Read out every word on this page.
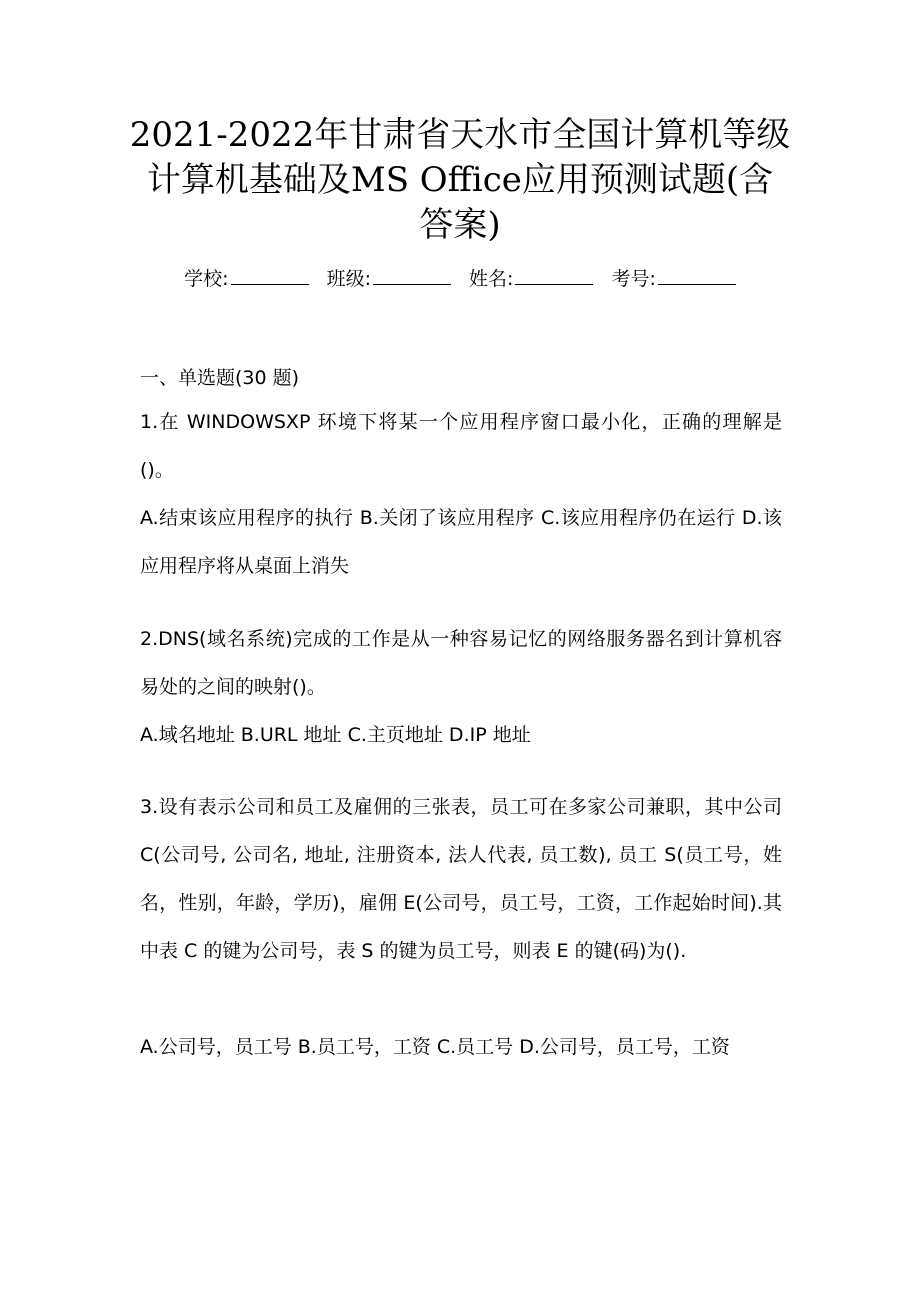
2021-2022年甘肃省天水市全国计算机等级
计算机基础及MS Office应用预测试题(含
答案)
学校:	班级:	姓名:	考号:
一、单选题(30 题)

1.在 WINDOWSXP 环境下将某一个应用程序窗口最小化，正确的理解是()。

A.结束该应用程序的执行 B.关闭了该应用程序 C.该应用程序仍在运行 D.该应用程序将从桌面上消失

2.DNS(域名系统)完成的工作是从一种容易记忆的网络服务器名到计算机容易处的之间的映射()。

A.域名地址 B.URL 地址 C.主页地址 D.IP 地址

3.设有表示公司和员工及雇佣的三张表，员工可在多家公司兼职，其中公司 C(公司号, 公司名, 地址, 注册资本, 法人代表, 员工数), 员工 S(员工号，姓名，性别，年龄，学历)，雇佣 E(公司号，员工号，工资，工作起始时间).其中表 C 的键为公司号，表 S 的键为员工号，则表 E 的键(码)为().

A.公司号，员工号 B.员工号，工资 C.员工号 D.公司号，员工号，工资
